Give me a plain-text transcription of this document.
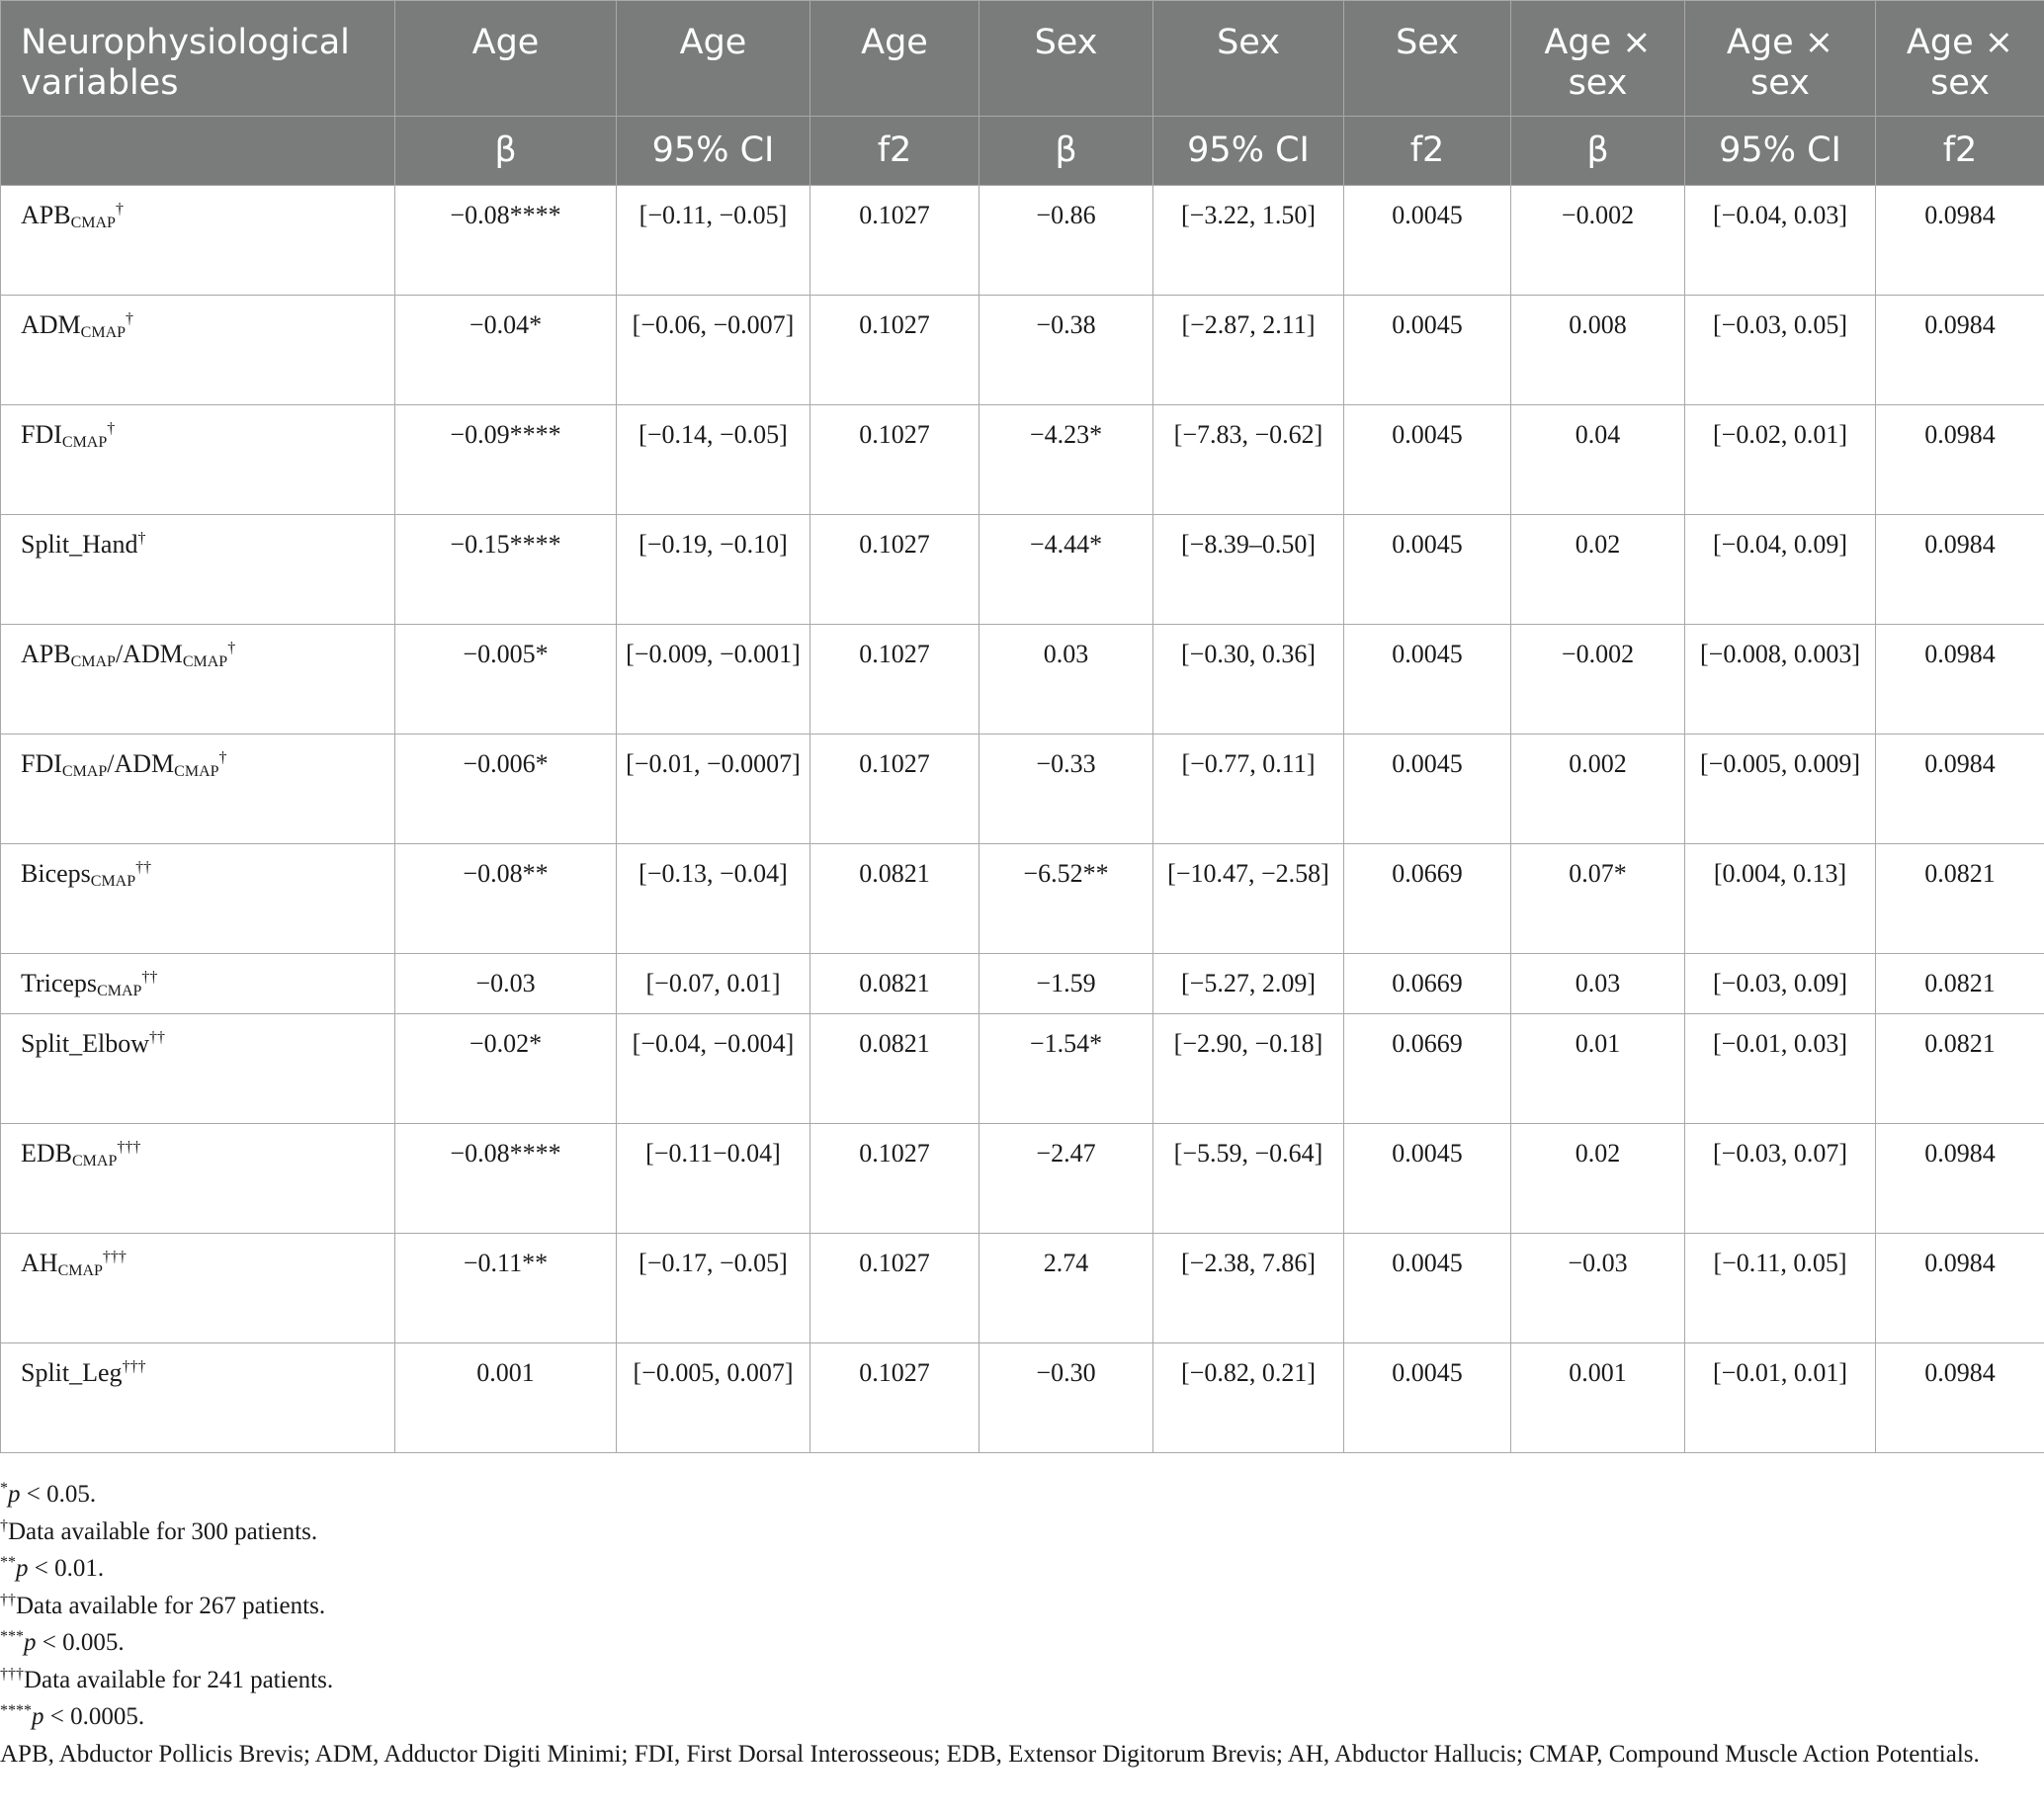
Neurophysiological variables	Age	Age	Age	Sex	Sex	Sex	Age × sex	Age × sex	Age × sex
	β	95% CI	f2	β	95% CI	f2	β	95% CI	f2
$APB_{CMAP}^\dagger$	−0.08****	[−0.11, −0.05]	0.1027	−0.86	[−3.22, 1.50]	0.0045	−0.002	[−0.04, 0.03]	0.0984
$ADM_{CMAP}^\dagger$	−0.04*	[−0.06, −0.007]	0.1027	−0.38	[−2.87, 2.11]	0.0045	0.008	[−0.03, 0.05]	0.0984
$FDI_{CMAP}^\dagger$	−0.09****	[−0.14, −0.05]	0.1027	−4.23*	[−7.83, −0.62]	0.0045	0.04	[−0.02, 0.01]	0.0984
Split_Hand†	−0.15****	[−0.19, −0.10]	0.1027	−4.44*	[−8.39–0.50]	0.0045	0.02	[−0.04, 0.09]	0.0984
$APB_{CMAP}/ADM_{CMAP}^\dagger$	−0.005*	[−0.009, −0.001]	0.1027	0.03	[−0.30, 0.36]	0.0045	−0.002	[−0.008, 0.003]	0.0984
$FDI_{CMAP}/ADM_{CMAP}^\dagger$	−0.006*	[−0.01, −0.0007]	0.1027	−0.33	[−0.77, 0.11]	0.0045	0.002	[−0.005, 0.009]	0.0984
Biceps$_{CMAP}$††	−0.08**	[−0.13, −0.04]	0.0821	−6.52**	[−10.47, −2.58]	0.0669	0.07*	[0.004, 0.13]	0.0821
Triceps$_{CMAP}$††	−0.03	[−0.07, 0.01]	0.0821	−1.59	[−5.27, 2.09]	0.0669	0.03	[−0.03, 0.09]	0.0821
Split_Elbow††	−0.02*	[−0.04, −0.004]	0.0821	−1.54*	[−2.90, −0.18]	0.0669	0.01	[−0.01, 0.03]	0.0821
$EDB_{CMAP}^{\dagger\dagger\dagger}$	−0.08****	[−0.11−0.04]	0.1027	−2.47	[−5.59, −0.64]	0.0045	0.02	[−0.03, 0.07]	0.0984
$AH_{CMAP}^{\dagger\dagger\dagger}$	−0.11**	[−0.17, −0.05]	0.1027	2.74	[−2.38, 7.86]	0.0045	−0.03	[−0.11, 0.05]	0.0984
Split_Leg†††	0.001	[−0.005, 0.007]	0.1027	−0.30	[−0.82, 0.21]	0.0045	0.001	[−0.01, 0.01]	0.0984

*p < 0.05.

†Data available for 300 patients.

**p < 0.01.

††Data available for 267 patients.

***p < 0.005.

†††Data available for 241 patients.

****p < 0.0005.

APB, Abductor Pollicis Brevis; ADM, Adductor Digiti Minimi; FDI, First Dorsal Interosseous; EDB, Extensor Digitorum Brevis; AH, Abductor Hallucis; CMAP, Compound Muscle Action Potentials.
